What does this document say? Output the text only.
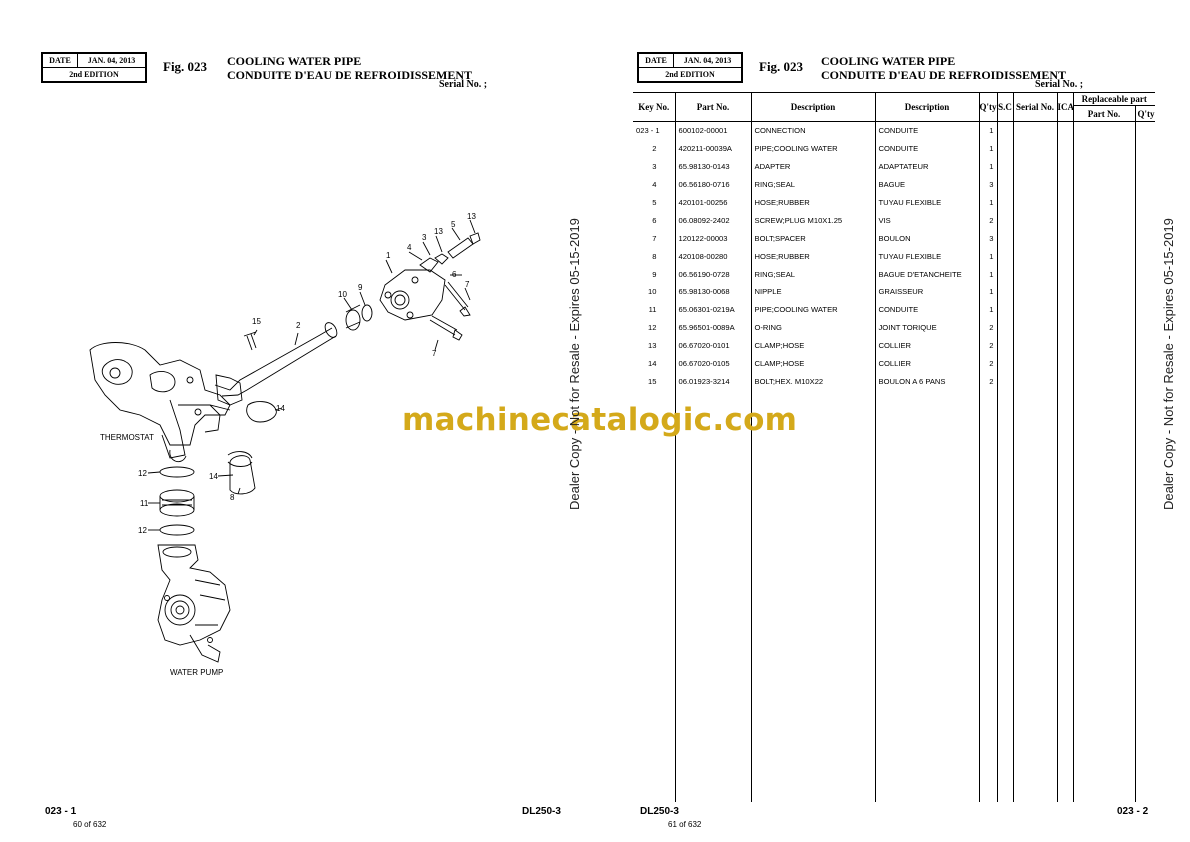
DATE	JAN. 04, 2013
2nd EDITION
Fig. 023 COOLING WATER PIPE
CONDUITE D'EAU DE REFROIDISSEMENT
Serial No. ;
THERMOSTAT
WATER PUMP
1
2
3
4
5
6
7
7
8
9
10
11
12
12
13
13
14
14
15
023 - 1	DL250-3
60 of 632
DATE	JAN. 04, 2013
2nd EDITION
Fig. 023 COOLING WATER PIPE
CONDUITE D'EAU DE REFROIDISSEMENT
Serial No. ;
Key No.	Part No.	Description	Description	Q'ty	S.C	Serial No.	ICA	Replaceable part	
								Part No.	Q'ty
023 - 1	600102-00001	CONNECTION	CONDUITE	1					
2	420211-00039A	PIPE;COOLING WATER	CONDUITE	1					
3	65.98130-0143	ADAPTER	ADAPTATEUR	1					
4	06.56180-0716	RING;SEAL	BAGUE	3					
5	420101-00256	HOSE;RUBBER	TUYAU FLEXIBLE	1					
6	06.08092-2402	SCREW;PLUG M10X1.25	VIS	2					
7	120122-00003	BOLT;SPACER	BOULON	3					
8	420108-00280	HOSE;RUBBER	TUYAU FLEXIBLE	1					
9	06.56190-0728	RING;SEAL	BAGUE D'ETANCHEITE	1					
10	65.98130-0068	NIPPLE	GRAISSEUR	1					
11	65.06301-0219A	PIPE;COOLING WATER	CONDUITE	1					
12	65.96501-0089A	O-RING	JOINT TORIQUE	2					
13	06.67020-0101	CLAMP;HOSE	COLLIER	2					
14	06.67020-0105	CLAMP;HOSE	COLLIER	2					
15	06.01923-3214	BOLT;HEX. M10X22	BOULON A 6 PANS	2					

DL250-3	023 - 2
61 of 632
machinecatalogic.com
Dealer Copy - Not for Resale - Expires 05-15-2019	Dealer Copy - Not for Resale - Expires 05-15-2019
